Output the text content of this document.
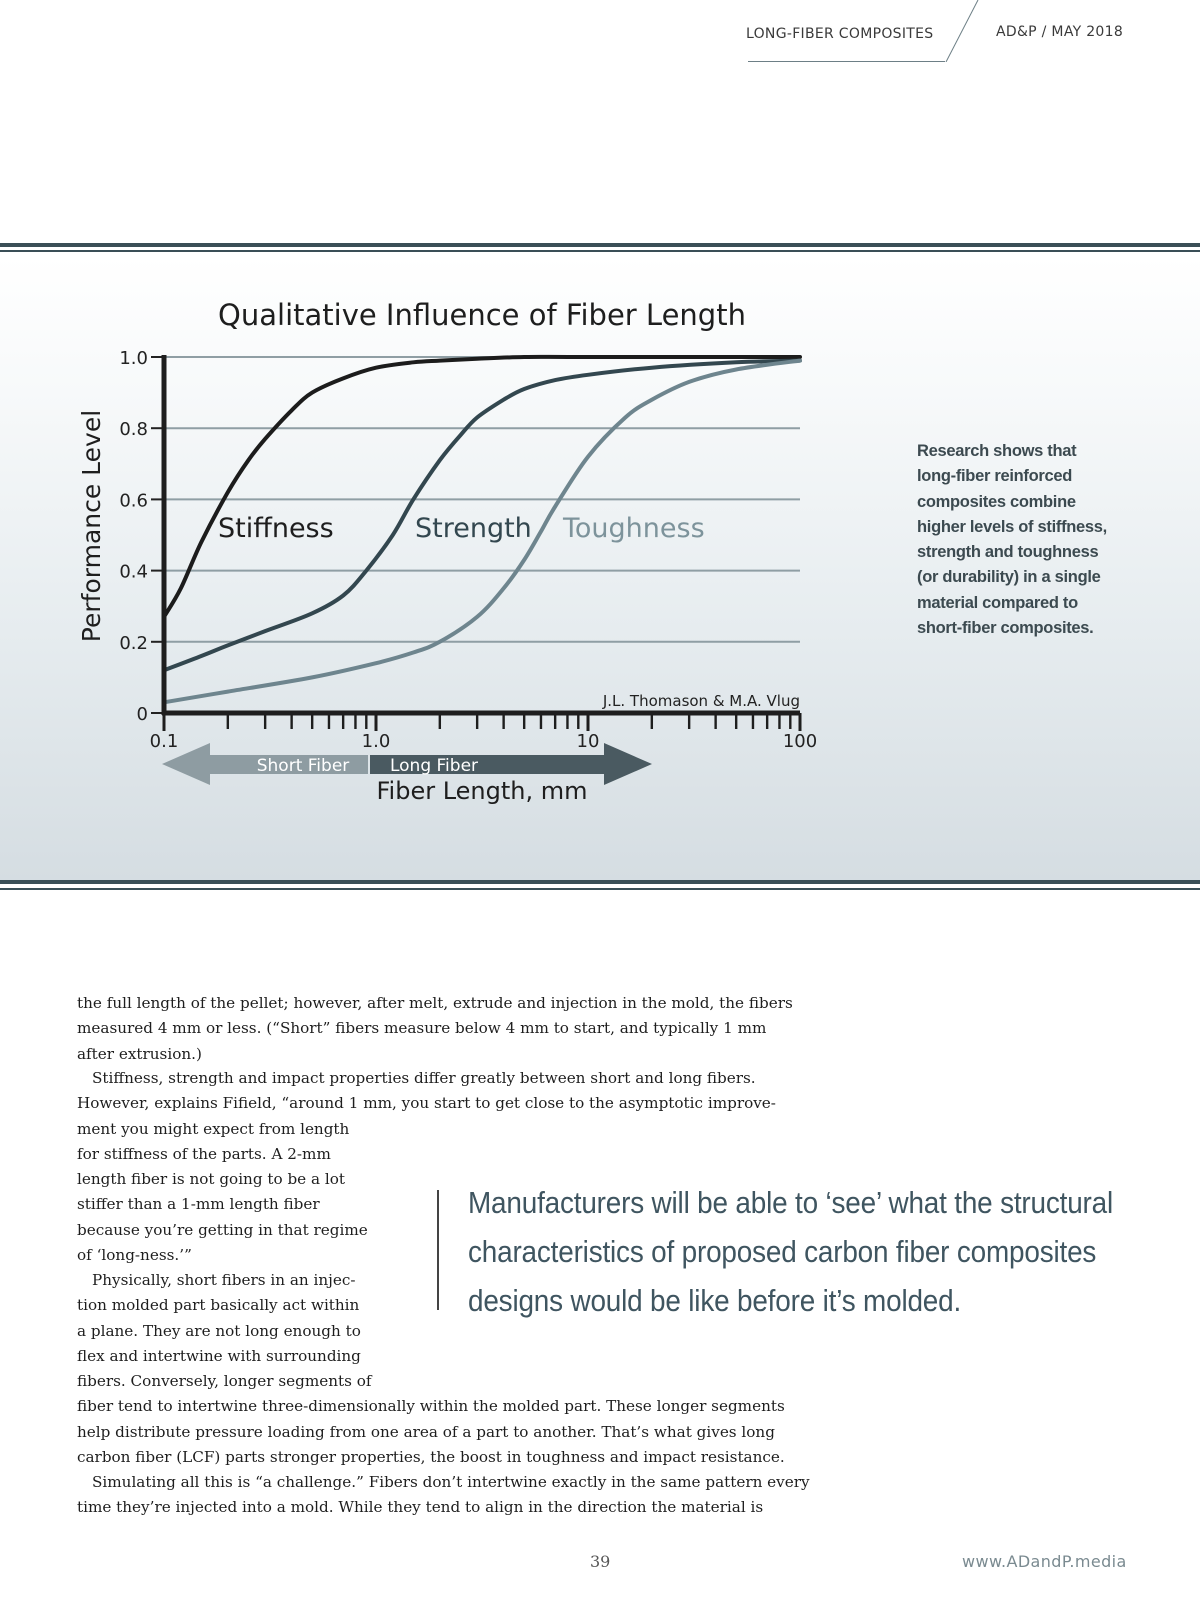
LONG-FIBER COMPOSITES	AD&P / MAY 2018
0
0.2
0.4
0.6
0.8
1.0
0.1	1.0	10	100
Qualitative Influence of Fiber Length
Performance Level	Stiffness	Strength Toughness
J.L. Thomason & M.A. Vlug
Short Fiber Long Fiber
Fiber Length, mm
Research shows that long-fiber reinforced composites combine higher levels of stiffness, strength and toughness (or durability) in a single material compared to short-fiber composites.

the full length of the pellet; however, after melt, extrude and injection in the mold, the fibers
measured 4 mm or less. (“Short” fibers measure below 4 mm to start, and typically 1 mm
after extrusion.)

Stiffness, strength and impact properties differ greatly between short and long fibers.
However, explains Fifield, “around 1 mm, you start to get close to the asymptotic improve-
ment you might expect from length
for stiffness of the parts. A 2-mm
length fiber is not going to be a lot
stiffer than a 1-mm length fiber
because you’re getting in that regime
of ‘long-ness.’”

Physically, short fibers in an injec-
tion molded part basically act within
a plane. They are not long enough to
flex and intertwine with surrounding
fibers. Conversely, longer segments of
fiber tend to intertwine three-dimensionally within the molded part. These longer segments
help distribute pressure loading from one area of a part to another. That’s what gives long
carbon fiber (LCF) parts stronger properties, the boost in toughness and impact resistance.

Simulating all this is “a challenge.” Fibers don’t intertwine exactly in the same pattern every
time they’re injected into a mold. While they tend to align in the direction the material is

Manufacturers will be able to ‘see’ what the structural characteristics of proposed carbon fiber composites designs would be like before it’s molded.
39	www.ADandP.media
